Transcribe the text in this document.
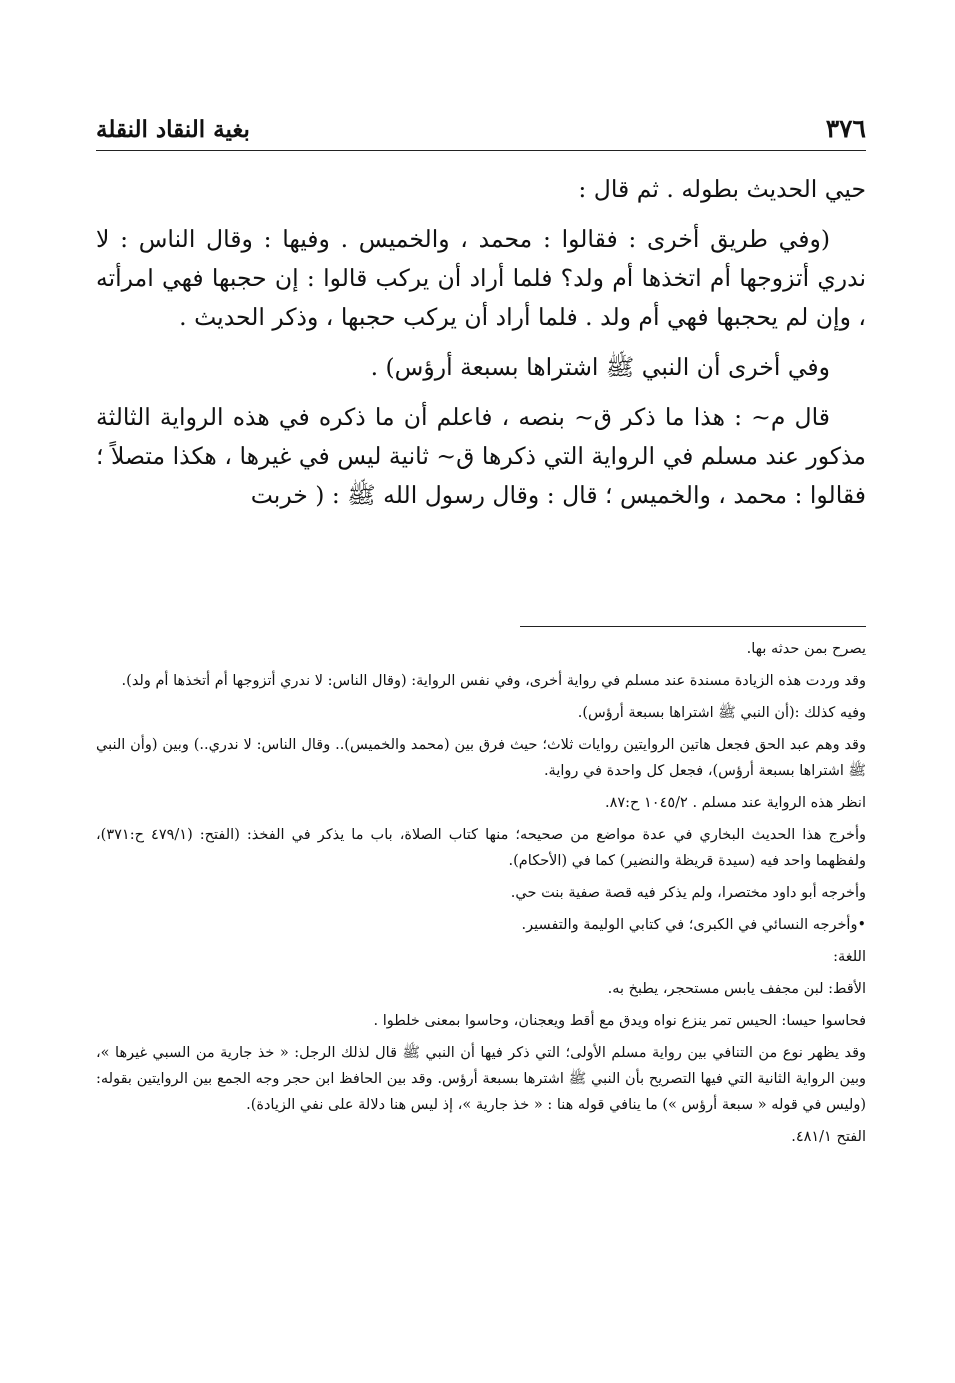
٣٧٦
بغية النقاد النقلة

حيي الحديث بطوله . ثم قال :

(وفي طريق أخرى : فقالوا : محمد ، والخميس . وفيها : وقال الناس : لا ندري أتزوجها أم اتخذها أم ولد؟ فلما أراد أن يركب قالوا : إن حجبها فهي امرأته ، وإن لم يحجبها فهي أم ولد . فلما أراد أن يركب حجبها ، وذكر الحديث .

وفي أخرى أن النبي ﷺ اشتراها بسبعة أرؤس) .

قال م~ : هذا ما ذكر ق~ بنصه ، فاعلم أن ما ذكره في هذه الرواية الثالثة مذكور عند مسلم في الرواية التي ذكرها ق~ ثانية ليس في غيرها ، هكذا متصلاً ؛ فقالوا : محمد ، والخميس ؛ قال : وقال رسول الله ﷺ : ( خربت

يصرح بمن حدثه بها.

وقد وردت هذه الزيادة مسندة عند مسلم في رواية أخرى، وفي نفس الرواية: (وقال الناس: لا ندري أتزوجها أم أتخذها أم ولد).

وفيه كذلك :(أن النبي ﷺ اشتراها بسبعة أرؤس).

وقد وهم عبد الحق فجعل هاتين الروايتين روايات ثلاث؛ حيث فرق بين (محمد والخميس).. وقال الناس: لا ندري..) وبين (وأن النبي ﷺ اشتراها بسبعة أرؤس)، فجعل كل واحدة في رواية.

انظر هذه الرواية عند مسلم . ١٠٤٥/٢ ح:٨٧.

وأخرج هذا الحديث البخاري في عدة مواضع من صحيحه؛ منها كتاب الصلاة، باب ما يذكر في الفخذ: (الفتح: (٤٧٩/١ ح:٣٧١)، ولفظهما واحد فيه (سيدة قريظة والنضير) كما في (الأحكام).

وأخرجه أبو داود مختصرا، ولم يذكر فيه قصة صفية بنت حي.

•وأخرجه النسائي في الكبرى؛ في كتابي الوليمة والتفسير.

اللغة:

الأقط: لبن مجفف يابس مستحجر، يطبخ به.

فحاسوا حيسا: الحيس تمر ينزع نواه ويدق مع أقط ويعجنان، وحاسوا بمعنى خلطوا .

وقد يظهر نوع من التنافي بين رواية مسلم الأولى؛ التي ذكر فيها أن النبي ﷺ قال لذلك الرجل: « خذ جارية من السبي غيرها »، وبين الرواية الثانية التي فيها التصريح بأن النبي ﷺ اشترها بسبعة أرؤس. وقد بين الحافظ ابن حجر وجه الجمع بين الروايتين بقوله: (وليس في قوله « سبعة أرؤس ») ما ينافي قوله هنا : « خذ جارية »، إذ ليس هنا دلالة على نفي الزيادة).

الفتح ٤٨١/١.
